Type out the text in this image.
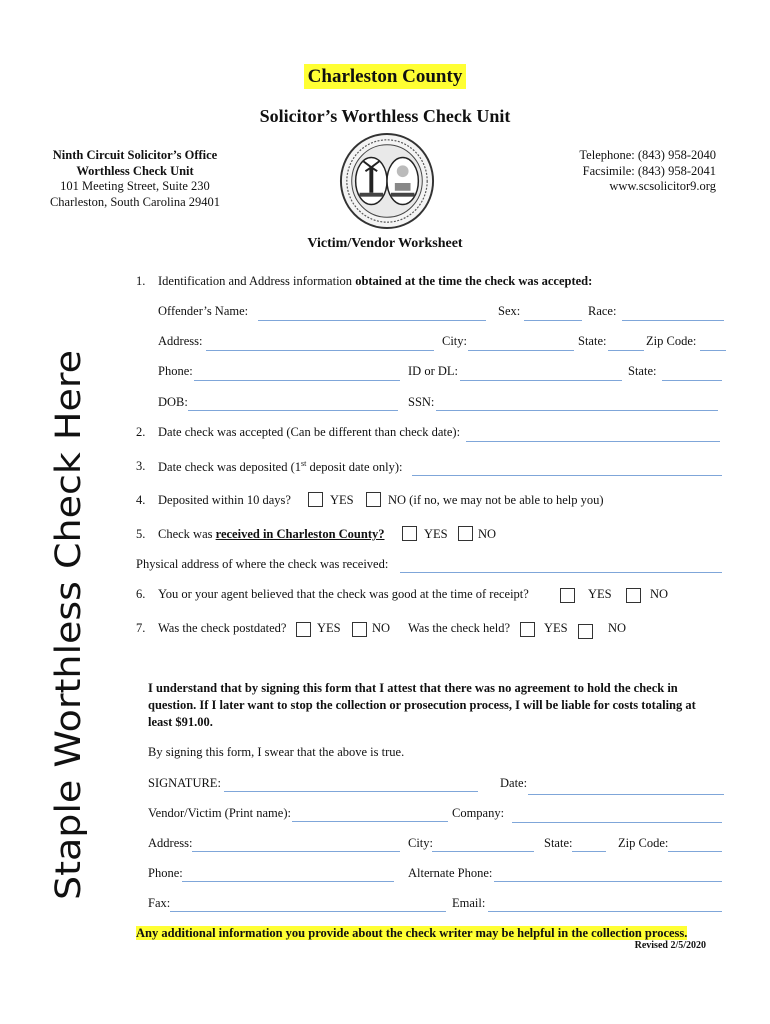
Charleston County
Solicitor’s Worthless Check Unit
Ninth Circuit Solicitor’s Office
Worthless Check Unit
101 Meeting Street, Suite 230
Charleston, South Carolina 29401
Telephone: (843) 958-2040
Facsimile: (843) 958-2041
www.scsolicitor9.org
Victim/Vendor Worksheet
Staple Worthless Check Here
1. Identification and Address information obtained at the time the check was accepted:
Offender’s Name:	Sex:	Race:
Address:	City:	State:	Zip Code:
Phone:	ID or DL:	State:
DOB:	SSN:
2. Date check was accepted (Can be different than check date):
3. Date check was deposited (1st deposit date only):
4. Deposited within 10 days?	YES	NO (if no, we may not be able to help you)
5. Check was received in Charleston County?	YES NO
Physical address of where the check was received:
6. You or your agent believed that the check was good at the time of receipt?	YES	NO
7. Was the check postdated? YES	NO Was the check held?	YES	NO
I understand that by signing this form that I attest that there was no agreement to hold the check in question. If I later want to stop the collection or prosecution process, I will be liable for costs totaling at least $91.00.
By signing this form, I swear that the above is true.
SIGNATURE:	Date:
Vendor/Victim (Print name):	Company:
Address:	City:	State:	Zip Code:
Phone:	Alternate Phone:
Fax:	Email:
Any additional information you provide about the check writer may be helpful in the collection process.
Revised 2/5/2020
